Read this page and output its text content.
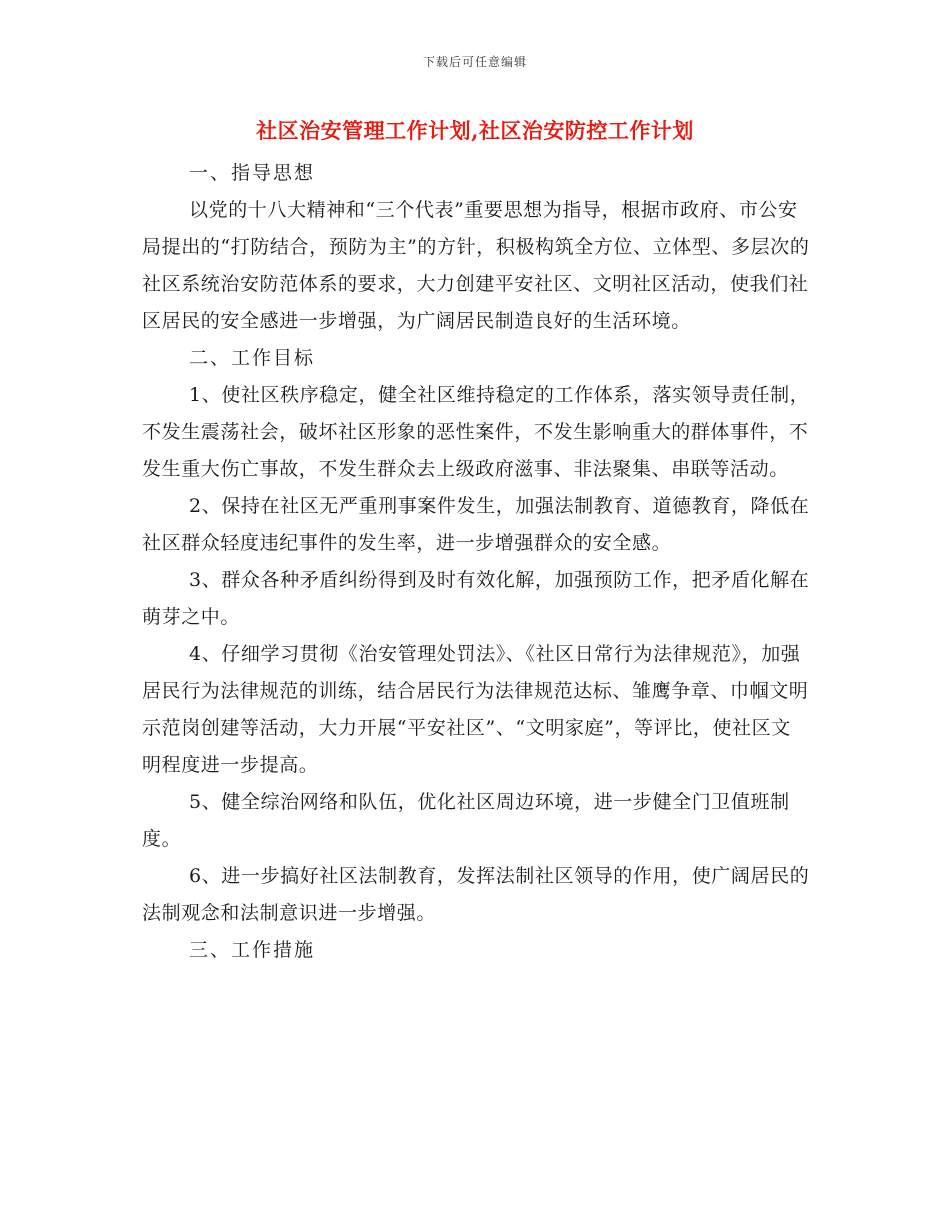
下载后可任意编辑
社区治安管理工作计划,社区治安防控工作计划

一、指导思想

以党的十八大精神和“三个代表”重要思想为指导，根据市政府、市公安局提出的“打防结合，预防为主”的方针，积极构筑全方位、立体型、多层次的社区系统治安防范体系的要求，大力创建平安社区、文明社区活动，使我们社区居民的安全感进一步增强，为广阔居民制造良好的生活环境。

二、工作目标

1、使社区秩序稳定，健全社区维持稳定的工作体系，落实领导责任制，不发生震荡社会，破坏社区形象的恶性案件，不发生影响重大的群体事件，不发生重大伤亡事故，不发生群众去上级政府滋事、非法聚集、串联等活动。

2、保持在社区无严重刑事案件发生，加强法制教育、道德教育，降低在社区群众轻度违纪事件的发生率，进一步增强群众的安全感。

3、群众各种矛盾纠纷得到及时有效化解，加强预防工作，把矛盾化解在萌芽之中。

4、仔细学习贯彻《治安管理处罚法》、《社区日常行为法律规范》，加强居民行为法律规范的训练，结合居民行为法律规范达标、雏鹰争章、巾帼文明示范岗创建等活动，大力开展“平安社区”、“文明家庭”，等评比，使社区文明程度进一步提高。

5、健全综治网络和队伍，优化社区周边环境，进一步健全门卫值班制度。

6、进一步搞好社区法制教育，发挥法制社区领导的作用，使广阔居民的法制观念和法制意识进一步增强。

三、工作措施
